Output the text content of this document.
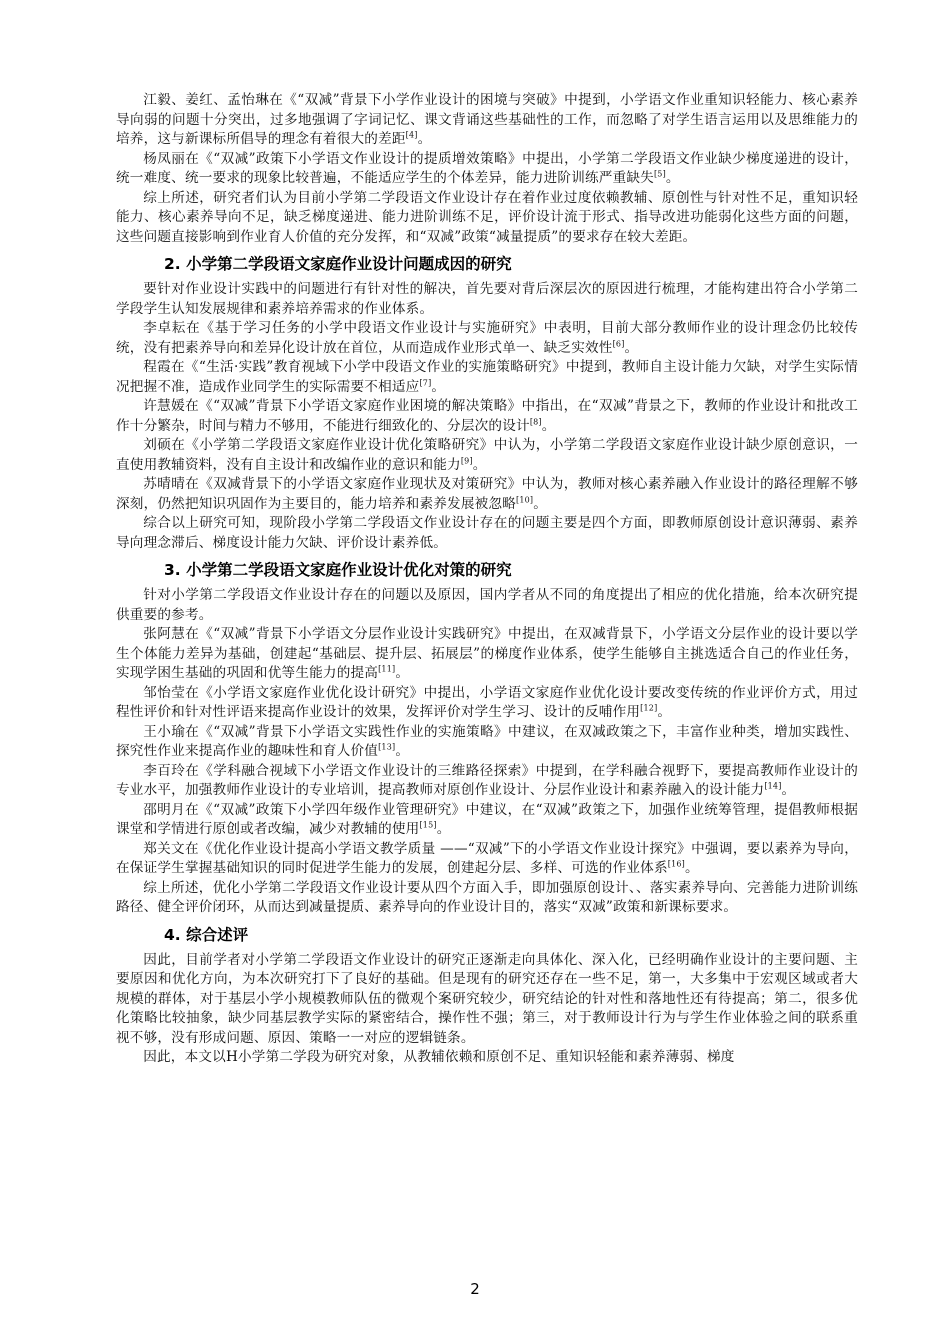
江毅、姜红、孟怡琳在《“双减”背景下小学作业设计的困境与突破》中提到，小学语文作业重知识轻能力、核心素养导向弱的问题十分突出，过多地强调了字词记忆、课文背诵这些基础性的工作，而忽略了对学生语言运用以及思维能力的培养，这与新课标所倡导的理念有着很大的差距[4]。

杨凤丽在《“双减”政策下小学语文作业设计的提质增效策略》中提出，小学第二学段语文作业缺少梯度递进的设计，统一难度、统一要求的现象比较普遍，不能适应学生的个体差异，能力进阶训练严重缺失[5]。

综上所述，研究者们认为目前小学第二学段语文作业设计存在着作业过度依赖教辅、原创性与针对性不足，重知识轻能力、核心素养导向不足，缺乏梯度递进、能力进阶训练不足，评价设计流于形式、指导改进功能弱化这些方面的问题，这些问题直接影响到作业育人价值的充分发挥，和“双减”政策“减量提质”的要求存在较大差距。

2. 小学第二学段语文家庭作业设计问题成因的研究

要针对作业设计实践中的问题进行有针对性的解决，首先要对背后深层次的原因进行梳理，才能构建出符合小学第二学段学生认知发展规律和素养培养需求的作业体系。

李卓耘在《基于学习任务的小学中段语文作业设计与实施研究》中表明，目前大部分教师作业的设计理念仍比较传统，没有把素养导向和差异化设计放在首位，从而造成作业形式单一、缺乏实效性[6]。

程霞在《“生活·实践”教育视域下小学中段语文作业的实施策略研究》中提到，教师自主设计能力欠缺，对学生实际情况把握不准，造成作业同学生的实际需要不相适应[7]。

许慧媛在《“双减”背景下小学语文家庭作业困境的解决策略》中指出，在“双减”背景之下，教师的作业设计和批改工作十分繁杂，时间与精力不够用，不能进行细致化的、分层次的设计[8]。

刘硕在《小学第二学段语文家庭作业设计优化策略研究》中认为，小学第二学段语文家庭作业设计缺少原创意识，一直使用教辅资料，没有自主设计和改编作业的意识和能力[9]。

苏晴晴在《双减背景下的小学语文家庭作业现状及对策研究》中认为，教师对核心素养融入作业设计的路径理解不够深刻，仍然把知识巩固作为主要目的，能力培养和素养发展被忽略[10]。

综合以上研究可知，现阶段小学第二学段语文作业设计存在的问题主要是四个方面，即教师原创设计意识薄弱、素养导向理念滞后、梯度设计能力欠缺、评价设计素养低。

3. 小学第二学段语文家庭作业设计优化对策的研究

针对小学第二学段语文作业设计存在的问题以及原因，国内学者从不同的角度提出了相应的优化措施，给本次研究提供重要的参考。

张阿慧在《“双减”背景下小学语文分层作业设计实践研究》中提出，在双减背景下，小学语文分层作业的设计要以学生个体能力差异为基础，创建起“基础层、提升层、拓展层”的梯度作业体系，使学生能够自主挑选适合自己的作业任务，实现学困生基础的巩固和优等生能力的提高[11]。

邹怡莹在《小学语文家庭作业优化设计研究》中提出，小学语文家庭作业优化设计要改变传统的作业评价方式，用过程性评价和针对性评语来提高作业设计的效果，发挥评价对学生学习、设计的反哺作用[12]。

王小瑜在《“双减”背景下小学语文实践性作业的实施策略》中建议，在双减政策之下，丰富作业种类，增加实践性、探究性作业来提高作业的趣味性和育人价值[13]。

李百玲在《学科融合视域下小学语文作业设计的三维路径探索》中提到，在学科融合视野下，要提高教师作业设计的专业水平，加强教师作业设计的专业培训，提高教师对原创作业设计、分层作业设计和素养融入的设计能力[14]。

邵明月在《“双减”政策下小学四年级作业管理研究》中建议，在“双减”政策之下，加强作业统筹管理，提倡教师根据课堂和学情进行原创或者改编，减少对教辅的使用[15]。

郑关文在《优化作业设计提高小学语文教学质量 ——“双减”下的小学语文作业设计探究》中强调，要以素养为导向，在保证学生掌握基础知识的同时促进学生能力的发展，创建起分层、多样、可选的作业体系[16]。

综上所述，优化小学第二学段语文作业设计要从四个方面入手，即加强原创设计、、落实素养导向、完善能力进阶训练路径、健全评价闭环，从而达到减量提质、素养导向的作业设计目的，落实“双减”政策和新课标要求。

4. 综合述评

因此，目前学者对小学第二学段语文作业设计的研究正逐渐走向具体化、深入化，已经明确作业设计的主要问题、主要原因和优化方向，为本次研究打下了良好的基础。但是现有的研究还存在一些不足，第一，大多集中于宏观区域或者大规模的群体，对于基层小学小规模教师队伍的微观个案研究较少，研究结论的针对性和落地性还有待提高；第二，很多优化策略比较抽象，缺少同基层教学实际的紧密结合，操作性不强；第三，对于教师设计行为与学生作业体验之间的联系重视不够，没有形成问题、原因、策略一一对应的逻辑链条。

因此，本文以H小学第二学段为研究对象，从教辅依赖和原创不足、重知识轻能和素养薄弱、梯度

2
